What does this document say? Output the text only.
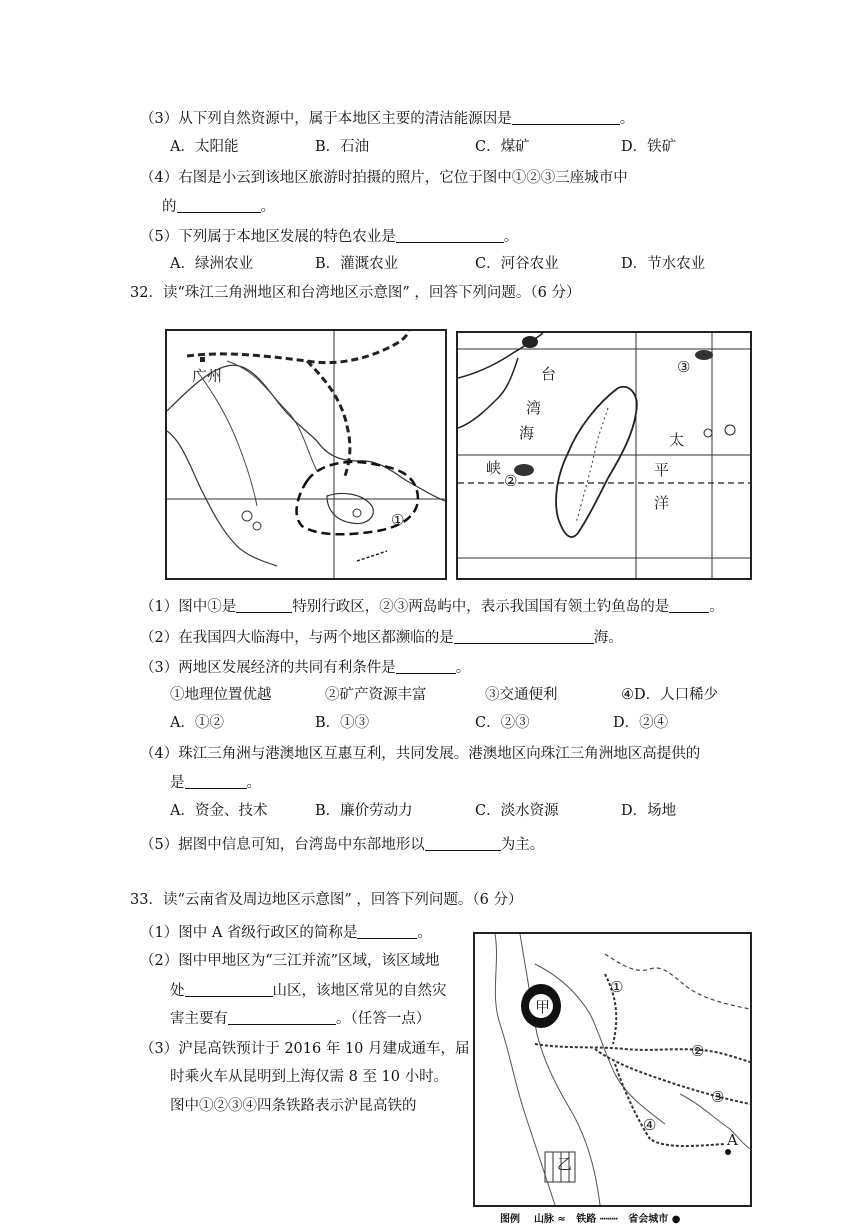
（3）从下列自然资源中，属于本地区主要的清洁能源因是	。
A．太阳能	B．石油	C．煤矿	D．铁矿
（4）右图是小云到该地区旅游时拍摄的照片，它位于图中①②③三座城市中
的	。
（5）下列属于本地区发展的特色农业是	。
A．绿洲农业	B．灌溉农业	C．河谷农业	D．节水农业
32．读“珠江三角洲地区和台湾地区示意图” ，回答下列问题。（6 分）
广州
①
台
湾
海
峡
太
平
洋
②
③
（1）图中①是	特别行政区，②③两岛屿中，表示我国国有领土钓鱼岛的是	。
（2）在我国四大临海中，与两个地区都濒临的是	海。
（3）两地区发展经济的共同有利条件是	。
①地理位置优越	②矿产资源丰富	③交通便利	④D．人口稀少
A．①②	B．①③	C．②③	D．②④
（4）珠江三角洲与港澳地区互惠互利，共同发展。港澳地区向珠江三角洲地区高提供的
是	。
A．资金、技术	B．廉价劳动力	C．淡水资源	D．场地
（5）据图中信息可知，台湾岛中东部地形以	为主。
33．读“云南省及周边地区示意图” ，回答下列问题。（6 分）
（1）图中 A 省级行政区的简称是	。
（2）图中甲地区为“三江并流”区域，该区域地
处	山区，该地区常见的自然灾
害主要有	。（任答一点）
（3）沪昆高铁预计于 2016 年 10 月建成通车，届
时乘火车从昆明到上海仅需 8 至 10 小时。
图中①②③④四条铁路表示沪昆高铁的
甲
乙
①
②
③
④
A
图例 山脉 ≈ 铁路 ┅┅┅ 省会城市 ●
